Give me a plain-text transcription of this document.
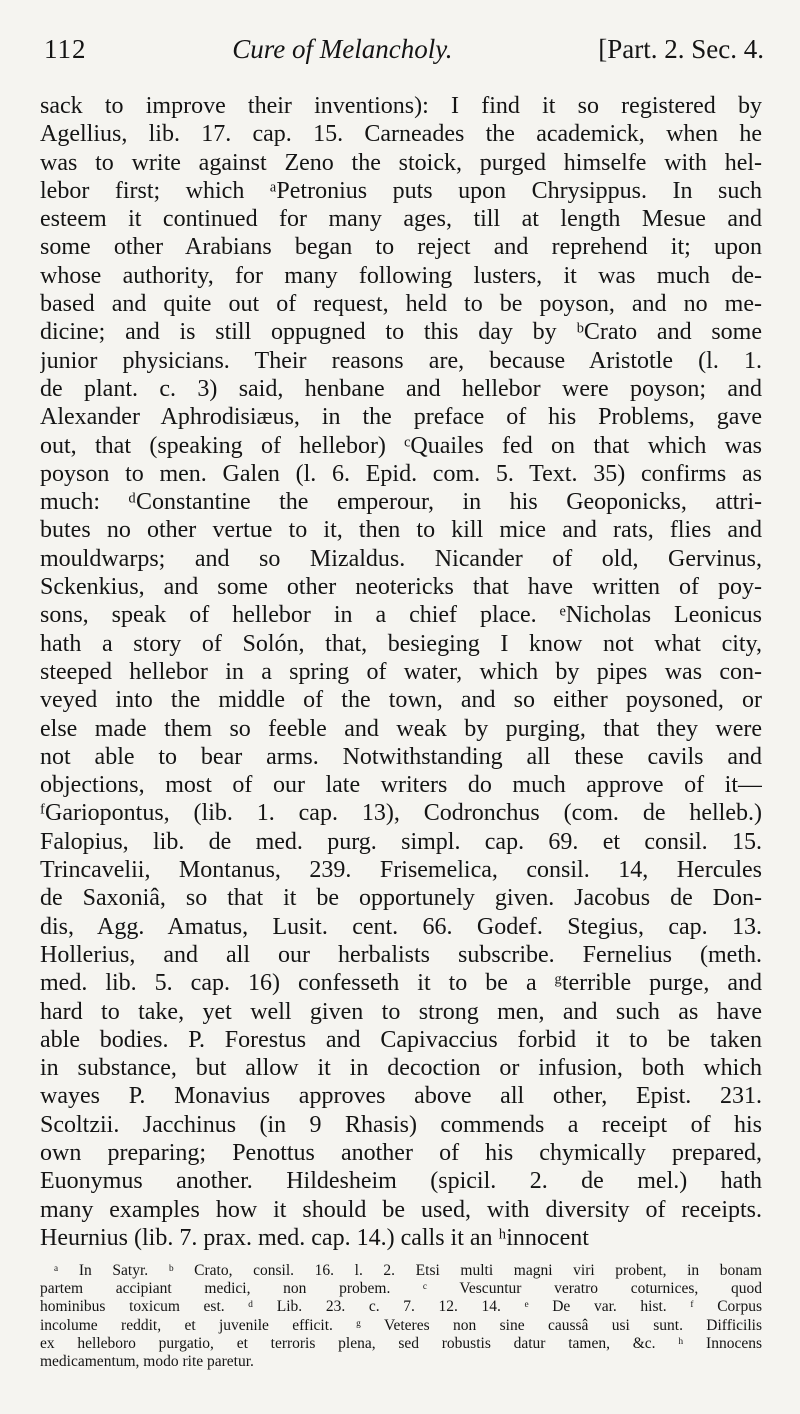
112	Cure of Melancholy.	[Part. 2. Sec. 4.
sack to improve their inventions): I find it so registered by
Agellius, lib. 17. cap. 15. Carneades the academick, when he
was to write against Zeno the stoick, purged himselfe with hel-
lebor first; which ᵃPetronius puts upon Chrysippus. In such
esteem it continued for many ages, till at length Mesue and
some other Arabians began to reject and reprehend it; upon
whose authority, for many following lusters, it was much de-
based and quite out of request, held to be poyson, and no me-
dicine; and is still oppugned to this day by ᵇCrato and some
junior physicians. Their reasons are, because Aristotle (l. 1.
de plant. c. 3) said, henbane and hellebor were poyson; and
Alexander Aphrodisiæus, in the preface of his Problems, gave
out, that (speaking of hellebor) ᶜQuailes fed on that which was
poyson to men. Galen (l. 6. Epid. com. 5. Text. 35) confirms as
much: ᵈConstantine the emperour, in his Geoponicks, attri-
butes no other vertue to it, then to kill mice and rats, flies and
mouldwarps; and so Mizaldus. Nicander of old, Gervinus,
Sckenkius, and some other neotericks that have written of poy-
sons, speak of hellebor in a chief place. ᵉNicholas Leonicus
hath a story of Solón, that, besieging I know not what city,
steeped hellebor in a spring of water, which by pipes was con-
veyed into the middle of the town, and so either poysoned, or
else made them so feeble and weak by purging, that they were
not able to bear arms. Notwithstanding all these cavils and
objections, most of our late writers do much approve of it—
ᶠGariopontus, (lib. 1. cap. 13), Codronchus (com. de helleb.)
Falopius, lib. de med. purg. simpl. cap. 69. et consil. 15.
Trincavelii, Montanus, 239. Frisemelica, consil. 14, Hercules
de Saxoniâ, so that it be opportunely given. Jacobus de Don-
dis, Agg. Amatus, Lusit. cent. 66. Godef. Stegius, cap. 13.
Hollerius, and all our herbalists subscribe. Fernelius (meth.
med. lib. 5. cap. 16) confesseth it to be a ᵍterrible purge, and
hard to take, yet well given to strong men, and such as have
able bodies. P. Forestus and Capivaccius forbid it to be taken
in substance, but allow it in decoction or infusion, both which
wayes P. Monavius approves above all other, Epist. 231.
Scoltzii. Jacchinus (in 9 Rhasis) commends a receipt of his
own preparing; Penottus another of his chymically prepared,
Euonymus another. Hildesheim (spicil. 2. de mel.) hath
many examples how it should be used, with diversity of receipts.
Heurnius (lib. 7. prax. med. cap. 14.) calls it an ʰinnocent
ᵃ In Satyr. ᵇ Crato, consil. 16. l. 2. Etsi multi magni viri probent, in bonam
partem accipiant medici, non probem. ᶜ Vescuntur veratro coturnices, quod
hominibus toxicum est. ᵈ Lib. 23. c. 7. 12. 14. ᵉ De var. hist. ᶠ Corpus
incolume reddit, et juvenile efficit. ᵍ Veteres non sine caussâ usi sunt. Difficilis
ex helleboro purgatio, et terroris plena, sed robustis datur tamen, &c. ʰ Innocens
medicamentum, modo rite paretur.
